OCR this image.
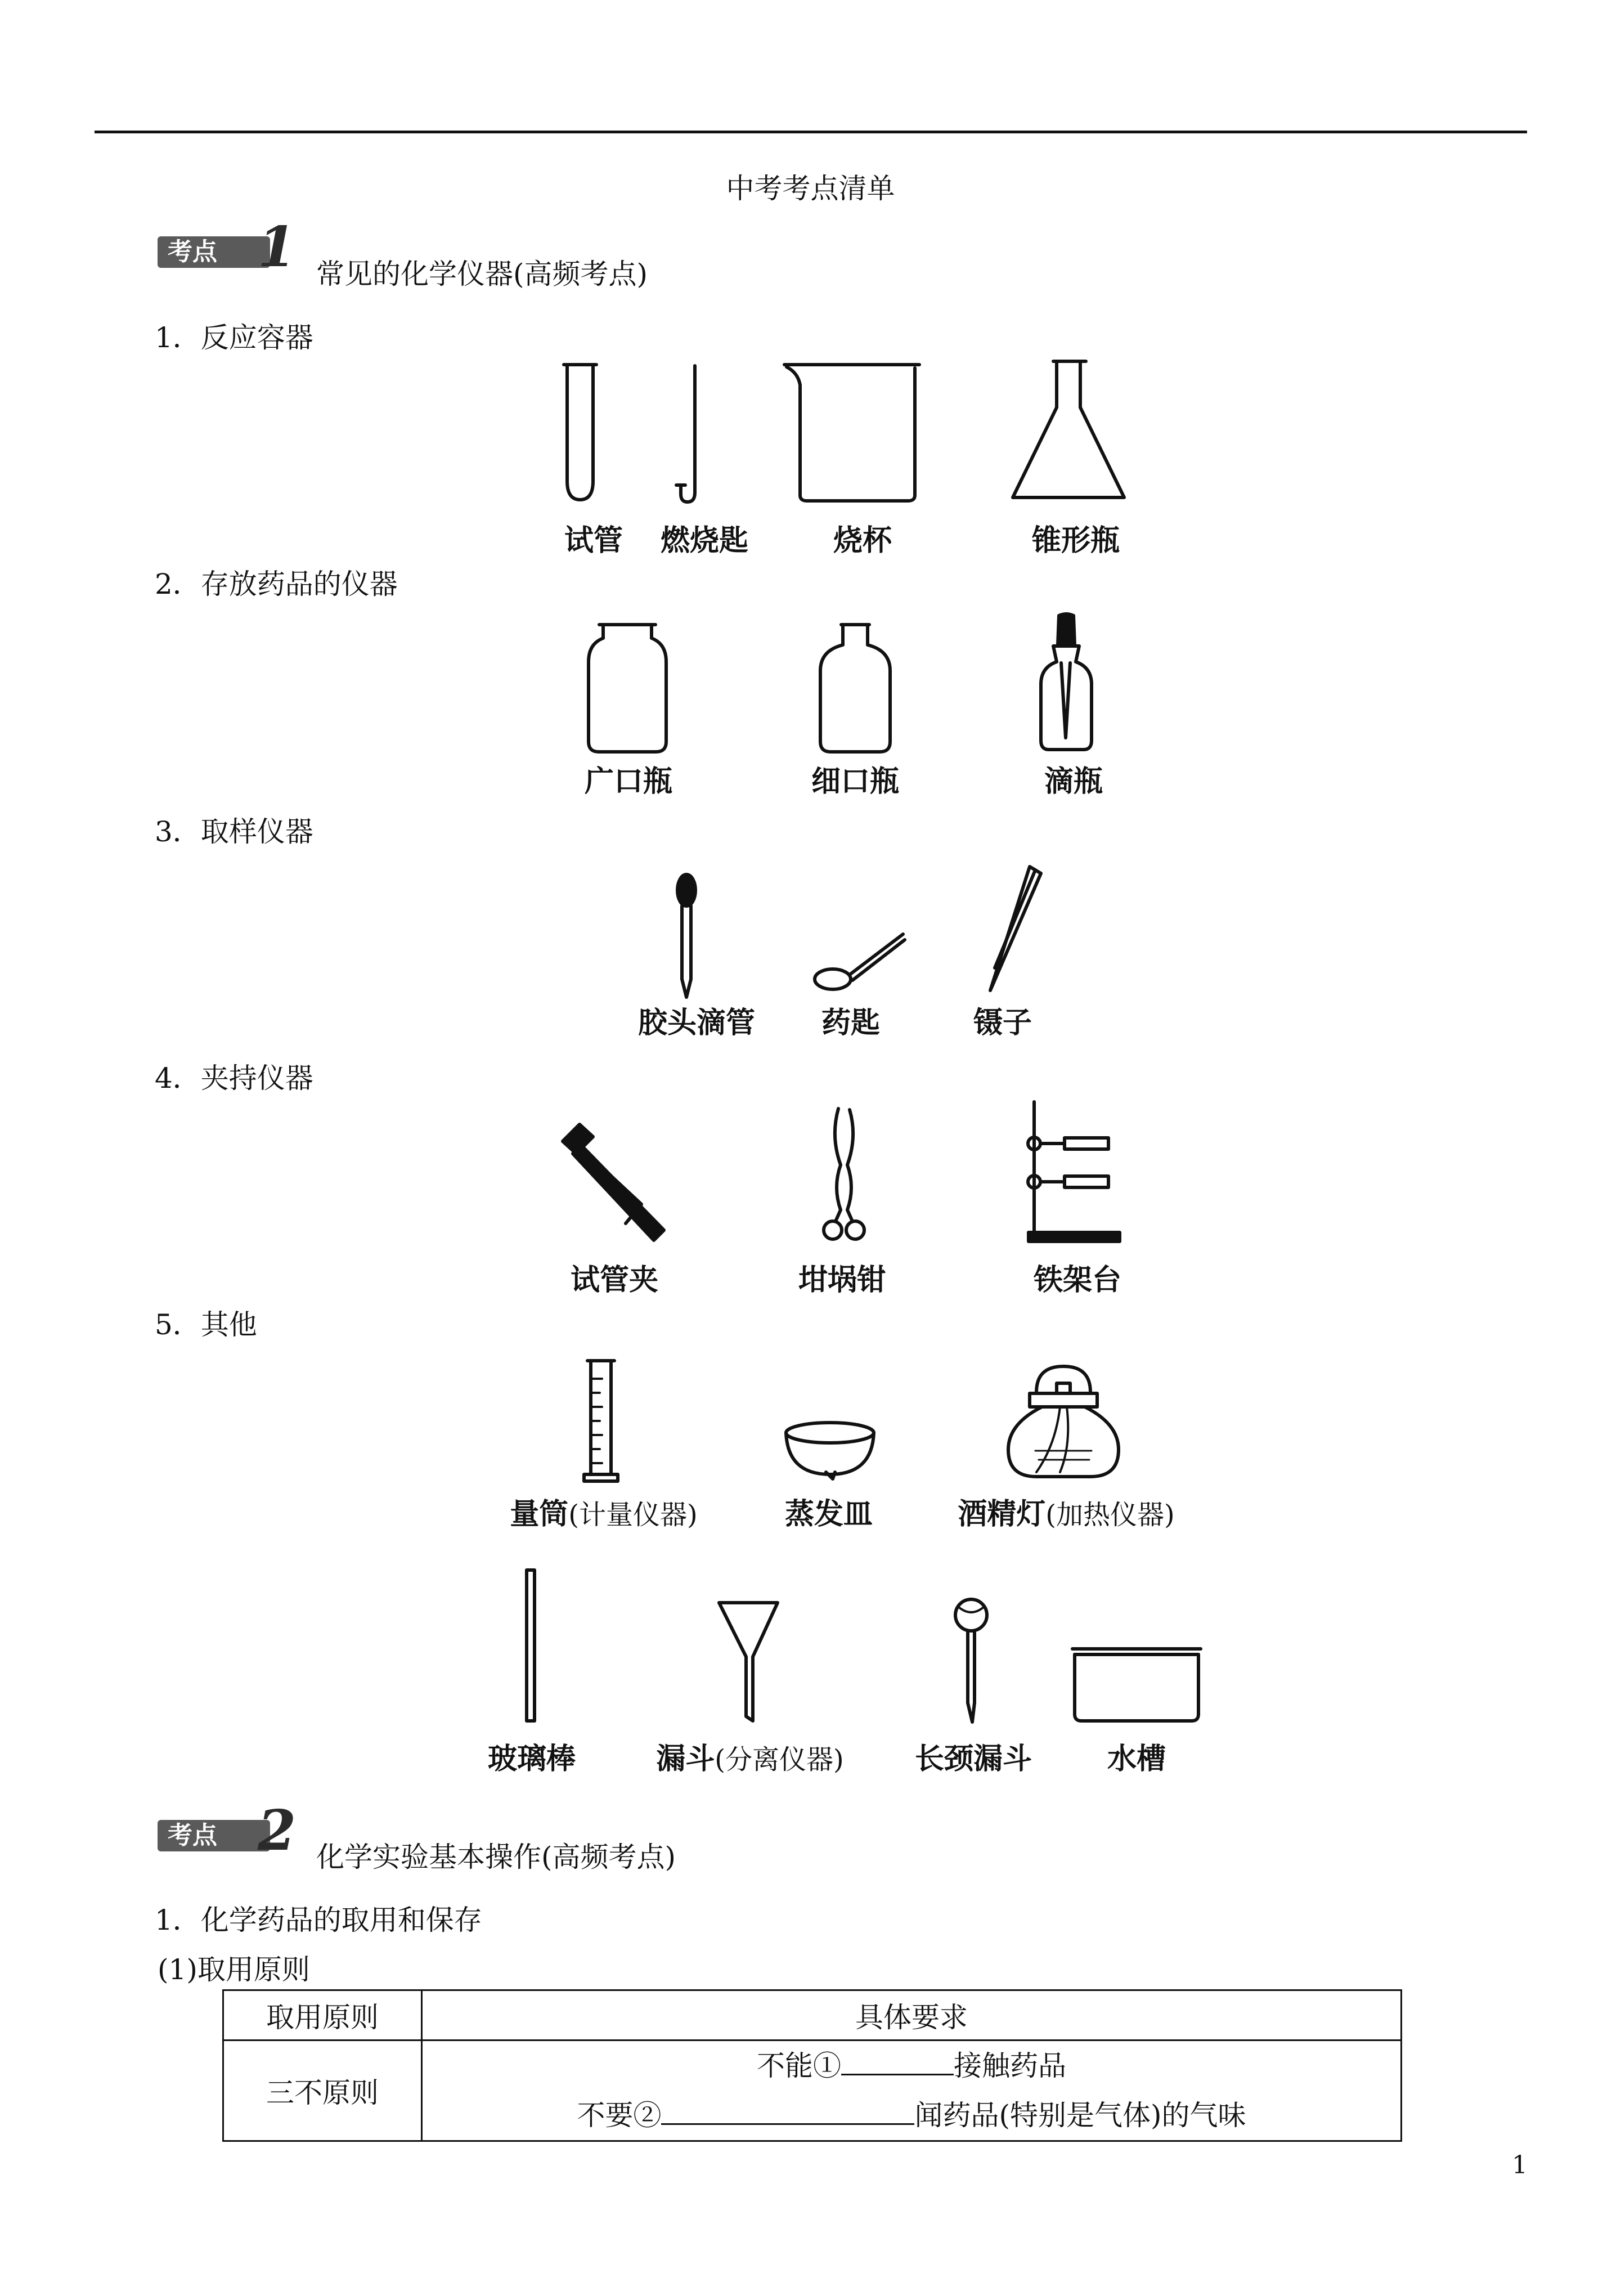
中考考点清单
考点 1 常见的化学仪器(高频考点)
1．反应容器
试管 燃烧匙	烧杯	锥形瓶
2．存放药品的仪器
广口瓶	细口瓶	滴瓶
3．取样仪器
胶头滴管 药匙	镊子
4．夹持仪器
试管夹	坩埚钳	铁架台
5．其他
量筒(计量仪器)	蒸发皿	酒精灯(加热仪器)
玻璃棒	漏斗(分离仪器) 长颈漏斗	水槽
考点 2 化学实验基本操作(高频考点)
1．化学药品的取用和保存
(1)取用原则
取用原则	具体要求
三不原则	不能① 接触药品
不要② 闻药品(特别是气体)的气味
1
